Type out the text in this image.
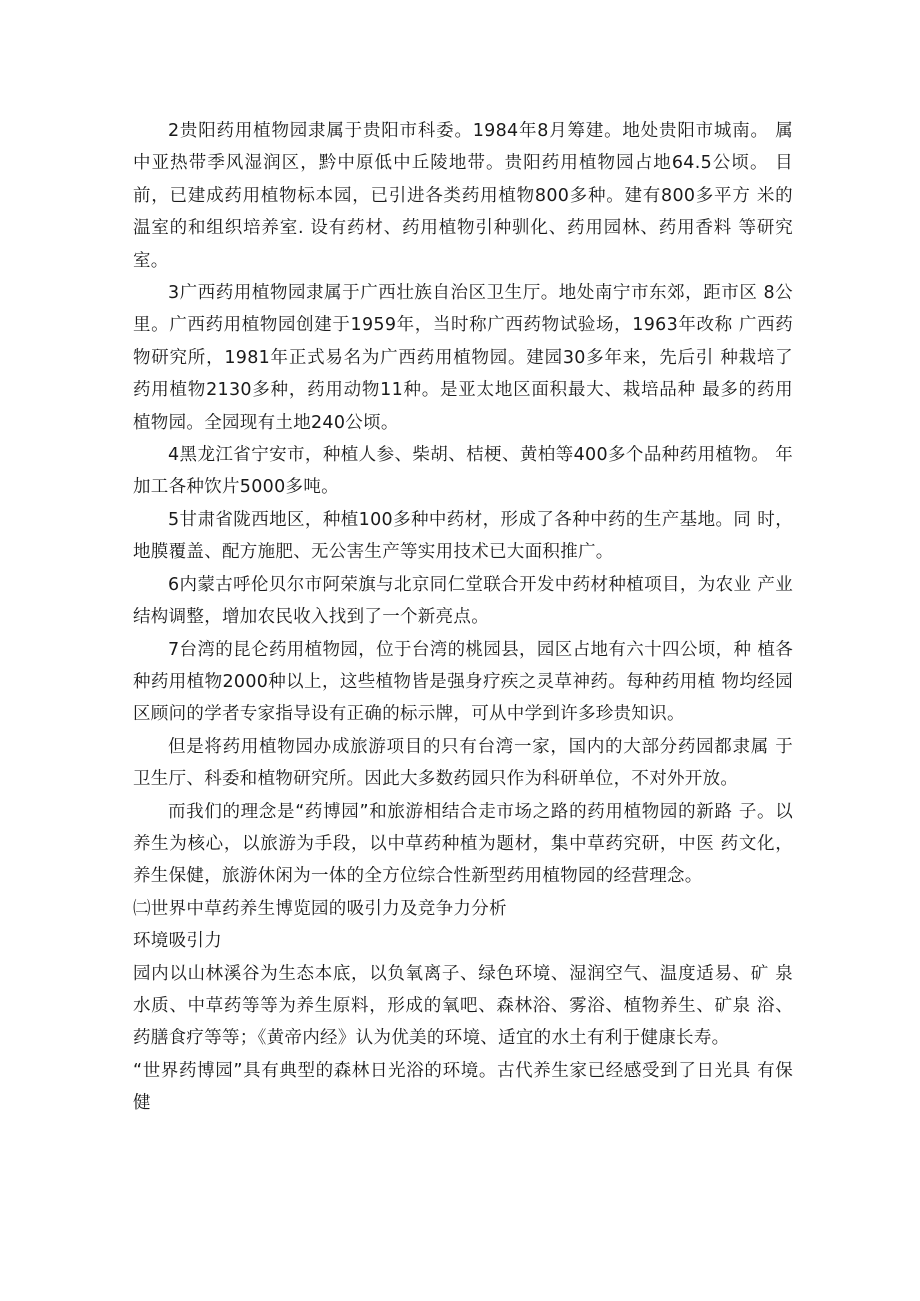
2贵阳药用植物园隶属于贵阳市科委。1984年8月筹建。地处贵阳市城南。 属中亚热带季风湿润区，黔中原低中丘陵地带。贵阳药用植物园占地64.5公顷。 目前，已建成药用植物标本园，已引进各类药用植物800多种。建有800多平方 米的温室的和组织培养室. 设有药材、药用植物引种驯化、药用园林、药用香料 等研究室。

3广西药用植物园隶属于广西壮族自治区卫生厅。地处南宁市东郊，距市区 8公里。广西药用植物园创建于1959年，当时称广西药物试验场，1963年改称 广西药物研究所，1981年正式易名为广西药用植物园。建园30多年来，先后引 种栽培了药用植物2130多种，药用动物11种。是亚太地区面积最大、栽培品种 最多的药用植物园。全园现有土地240公顷。

4黑龙江省宁安市，种植人参、柴胡、桔梗、黄柏等400多个品种药用植物。 年加工各种饮片5000多吨。

5甘肃省陇西地区，种植100多种中药材，形成了各种中药的生产基地。同 时，地膜覆盖、配方施肥、无公害生产等实用技术已大面积推广。

6内蒙古呼伦贝尔市阿荣旗与北京同仁堂联合开发中药材种植项目，为农业 产业结构调整，增加农民收入找到了一个新亮点。

7台湾的昆仑药用植物园，位于台湾的桃园县，园区占地有六十四公顷，种 植各种药用植物2000种以上，这些植物皆是强身疗疾之灵草神药。每种药用植 物均经园区顾问的学者专家指导设有正确的标示牌，可从中学到许多珍贵知识。

但是将药用植物园办成旅游项目的只有台湾一家，国内的大部分药园都隶属 于卫生厅、科委和植物研究所。因此大多数药园只作为科研单位，不对外开放。

而我们的理念是“药博园”和旅游相结合走市场之路的药用植物园的新路 子。以养生为核心，以旅游为手段，以中草药种植为题材，集中草药究研，中医 药文化，养生保健，旅游休闲为一体的全方位综合性新型药用植物园的经营理念。

㈡世界中草药养生博览园的吸引力及竞争力分析

环境吸引力

园内以山林溪谷为生态本底，以负氧离子、绿色环境、湿润空气、温度适易、矿 泉水质、中草药等等为养生原料，形成的氧吧、森林浴、雾浴、植物养生、矿泉 浴、药膳食疗等等；《黄帝内经》认为优美的环境、适宜的水土有利于健康长寿。

“世界药博园”具有典型的森林日光浴的环境。古代养生家已经感受到了日光具 有保健
